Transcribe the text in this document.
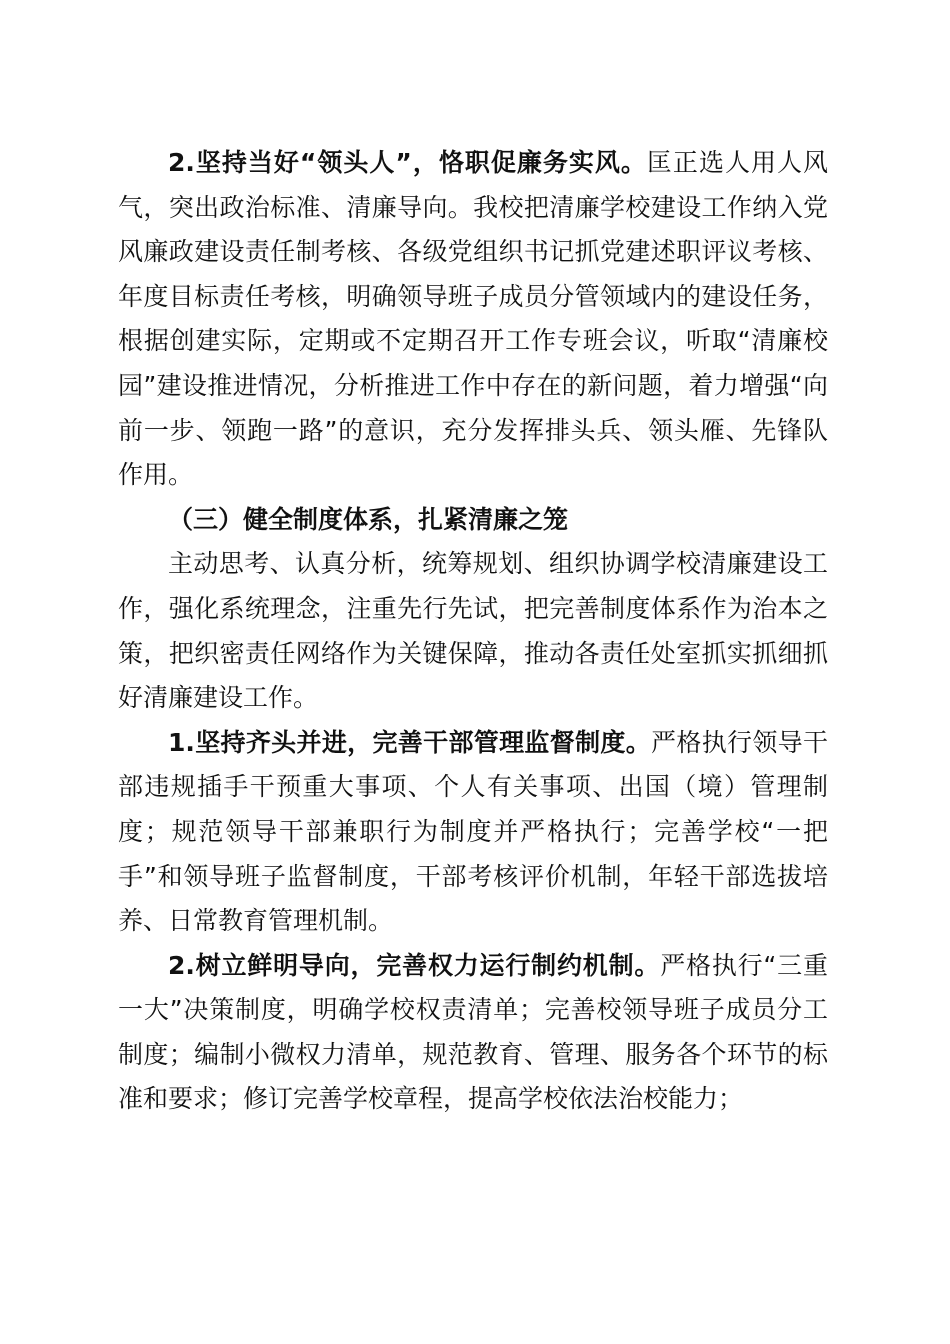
2.坚持当好“领头人”，恪职促廉务实风。匡正选人用人风气，突出政治标准、清廉导向。我校把清廉学校建设工作纳入党风廉政建设责任制考核、各级党组织书记抓党建述职评议考核、年度目标责任考核，明确领导班子成员分管领域内的建设任务，根据创建实际，定期或不定期召开工作专班会议，听取“清廉校园”建设推进情况，分析推进工作中存在的新问题，着力增强“向前一步、领跑一路”的意识，充分发挥排头兵、领头雁、先锋队作用。

（三）健全制度体系，扎紧清廉之笼

主动思考、认真分析，统筹规划、组织协调学校清廉建设工作，强化系统理念，注重先行先试，把完善制度体系作为治本之策，把织密责任网络作为关键保障，推动各责任处室抓实抓细抓好清廉建设工作。

1.坚持齐头并进，完善干部管理监督制度。严格执行领导干部违规插手干预重大事项、个人有关事项、出国（境）管理制度；规范领导干部兼职行为制度并严格执行；完善学校“一把手”和领导班子监督制度，干部考核评价机制，年轻干部选拔培养、日常教育管理机制。

2.树立鲜明导向，完善权力运行制约机制。严格执行“三重一大”决策制度，明确学校权责清单；完善校领导班子成员分工制度；编制小微权力清单，规范教育、管理、服务各个环节的标准和要求；修订完善学校章程，提高学校依法治校能力；
